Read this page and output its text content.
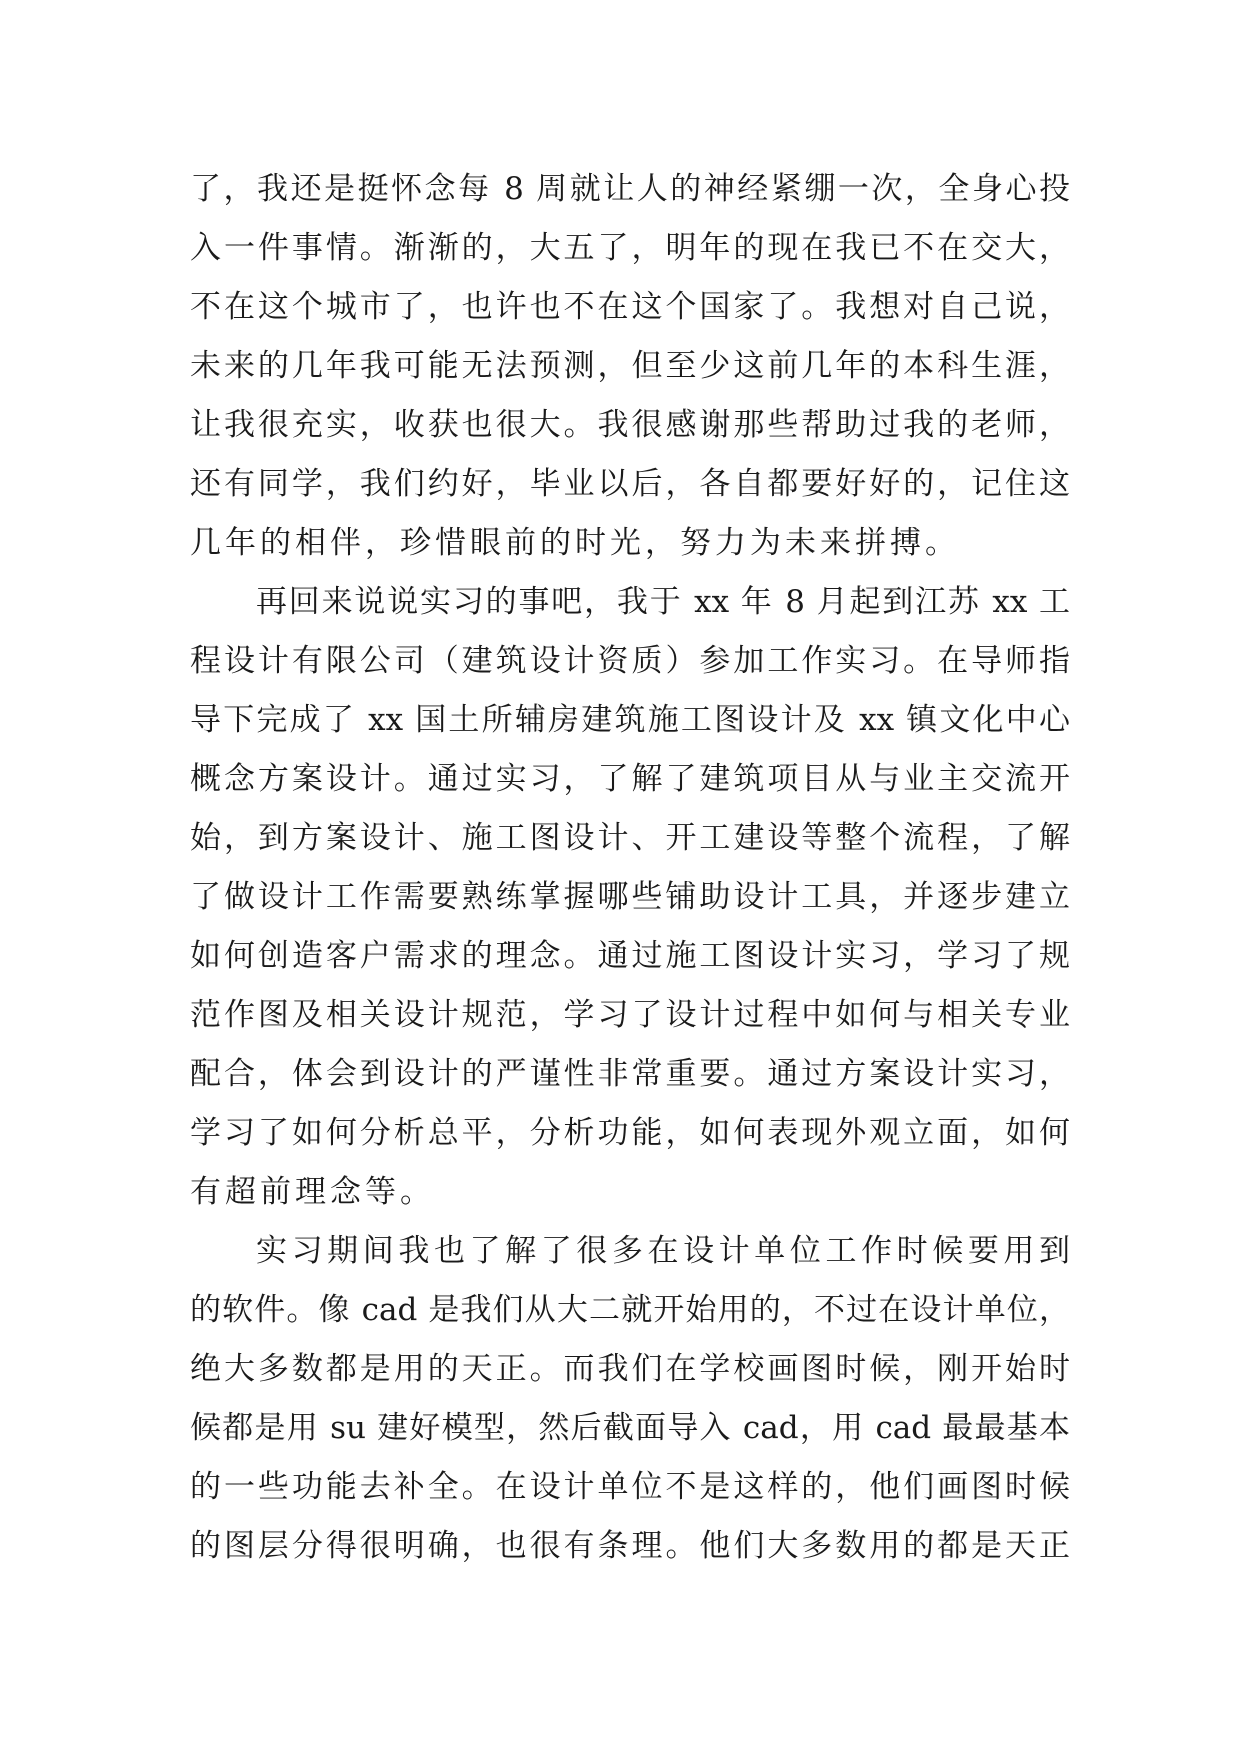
了，我还是挺怀念每 8 周就让人的神经紧绷一次，全身心投
入一件事情。渐渐的，大五了，明年的现在我已不在交大，
不在这个城市了，也许也不在这个国家了。我想对自己说，
未来的几年我可能无法预测，但至少这前几年的本科生涯，
让我很充实，收获也很大。我很感谢那些帮助过我的老师，
还有同学，我们约好，毕业以后，各自都要好好的，记住这
几年的相伴，珍惜眼前的时光，努力为未来拼搏。
再回来说说实习的事吧，我于 xx 年 8 月起到江苏 xx 工
程设计有限公司（建筑设计资质）参加工作实习。在导师指
导下完成了 xx 国土所辅房建筑施工图设计及 xx 镇文化中心
概念方案设计。通过实习，了解了建筑项目从与业主交流开
始，到方案设计、施工图设计、开工建设等整个流程，了解
了做设计工作需要熟练掌握哪些铺助设计工具，并逐步建立
如何创造客户需求的理念。通过施工图设计实习，学习了规
范作图及相关设计规范，学习了设计过程中如何与相关专业
配合，体会到设计的严谨性非常重要。通过方案设计实习，
学习了如何分析总平，分析功能，如何表现外观立面，如何
有超前理念等。
实习期间我也了解了很多在设计单位工作时候要用到
的软件。像 cad 是我们从大二就开始用的，不过在设计单位，
绝大多数都是用的天正。而我们在学校画图时候，刚开始时
候都是用 su 建好模型，然后截面导入 cad，用 cad 最最基本
的一些功能去补全。在设计单位不是这样的，他们画图时候
的图层分得很明确，也很有条理。他们大多数用的都是天正
